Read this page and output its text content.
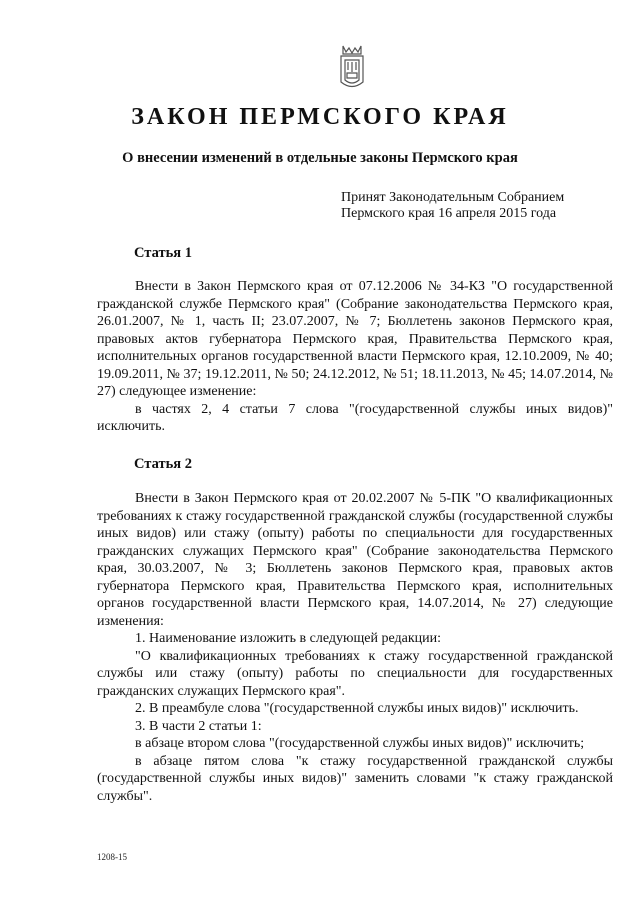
ЗАКОН ПЕРМСКОГО КРАЯ
О внесении изменений в отдельные законы Пермского края
Принят Законодательным Собранием
Пермского края 16 апреля 2015 года
Статья 1

Внести в Закон Пермского края от 07.12.2006 № 34-КЗ "О государственной гражданской службе Пермского края" (Собрание законодательства Пермского края, 26.01.2007, № 1, часть II; 23.07.2007, № 7; Бюллетень законов Пермского края, правовых актов губернатора Пермского края, Правительства Пермского края, исполнительных органов государственной власти Пермского края, 12.10.2009, № 40; 19.09.2011, № 37; 19.12.2011, № 50; 24.12.2012, № 51; 18.11.2013, № 45; 14.07.2014, № 27) следующее изменение:

в частях 2, 4 статьи 7 слова "(государственной службы иных видов)" исключить.

Статья 2

Внести в Закон Пермского края от 20.02.2007 № 5-ПК "О квалификационных требованиях к стажу государственной гражданской службы (государственной службы иных видов) или стажу (опыту) работы по специальности для государственных гражданских служащих Пермского края" (Собрание законодательства Пермского края, 30.03.2007, № 3; Бюллетень законов Пермского края, правовых актов губернатора Пермского края, Правительства Пермского края, исполнительных органов государственной власти Пермского края, 14.07.2014, № 27) следующие изменения:

1. Наименование изложить в следующей редакции:

"О квалификационных требованиях к стажу государственной гражданской службы или стажу (опыту) работы по специальности для государственных гражданских служащих Пермского края".

2. В преамбуле слова "(государственной службы иных видов)" исключить.

3. В части 2 статьи 1:

в абзаце втором слова "(государственной службы иных видов)" исключить;

в абзаце пятом слова "к стажу государственной гражданской службы (государственной службы иных видов)" заменить словами "к стажу гражданской службы".

1208-15
